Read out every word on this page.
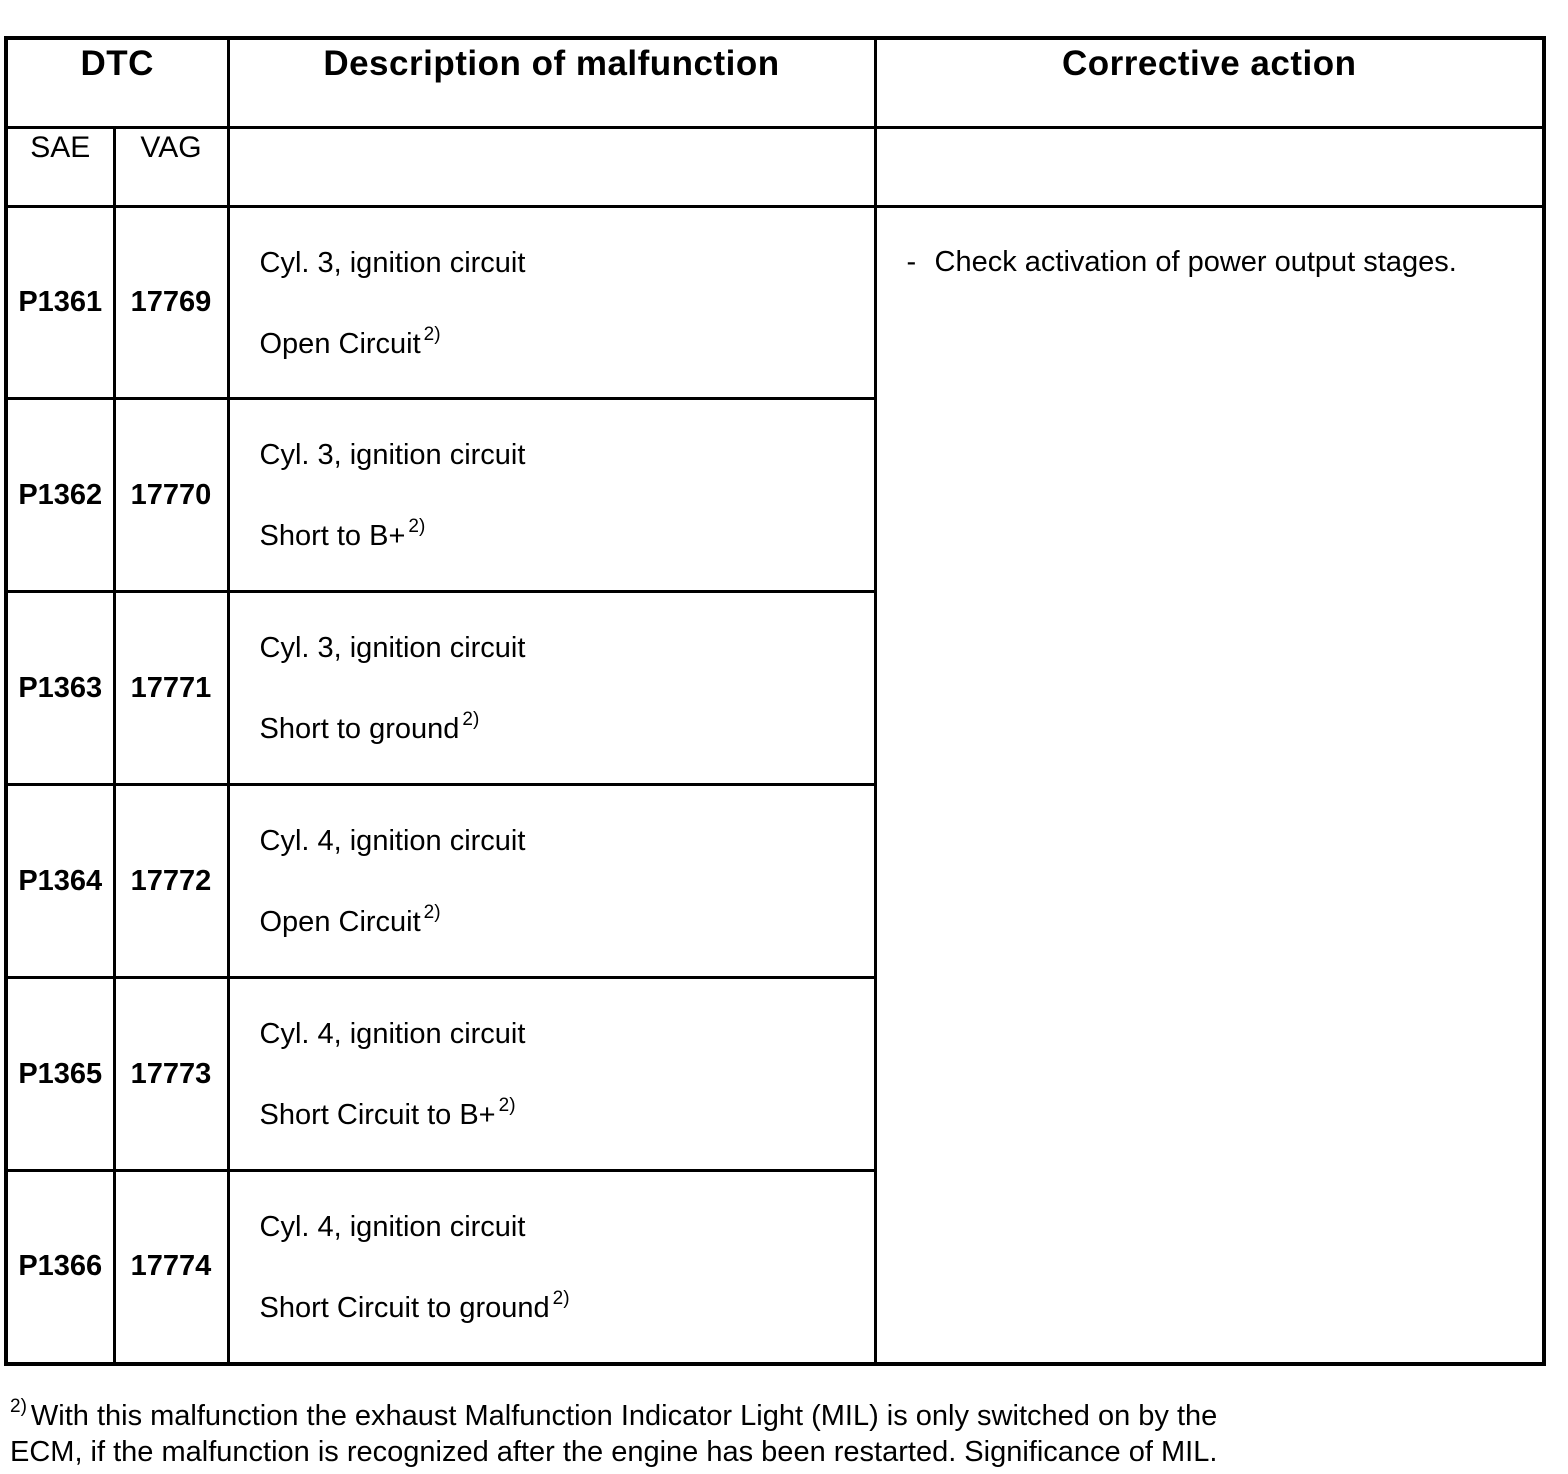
DTC		Description of malfunction	Corrective action
SAE	VAG		
P1361	17769	Cyl. 3, ignition circuit
Open Circuit $^{2)}$	- Check activation of power output stages.
P1362	17770	Cyl. 3, ignition circuit
Short to B+ $^{2)}$

P1363	17771	Cyl. 3, ignition circuit
Short to ground $^{2)}$

P1364	17772	Cyl. 4, ignition circuit
Open Circuit $^{2)}$

P1365	17773	Cyl. 4, ignition circuit
Short Circuit to B+ $^{2)}$

P1366	17774	Cyl. 4, ignition circuit
Short Circuit to ground $^{2)}$
$^{2)}$ With this malfunction the exhaust Malfunction Indicator Light (MIL) is only switched on by the
ECM, if the malfunction is recognized after the engine has been restarted. Significance of MIL.
